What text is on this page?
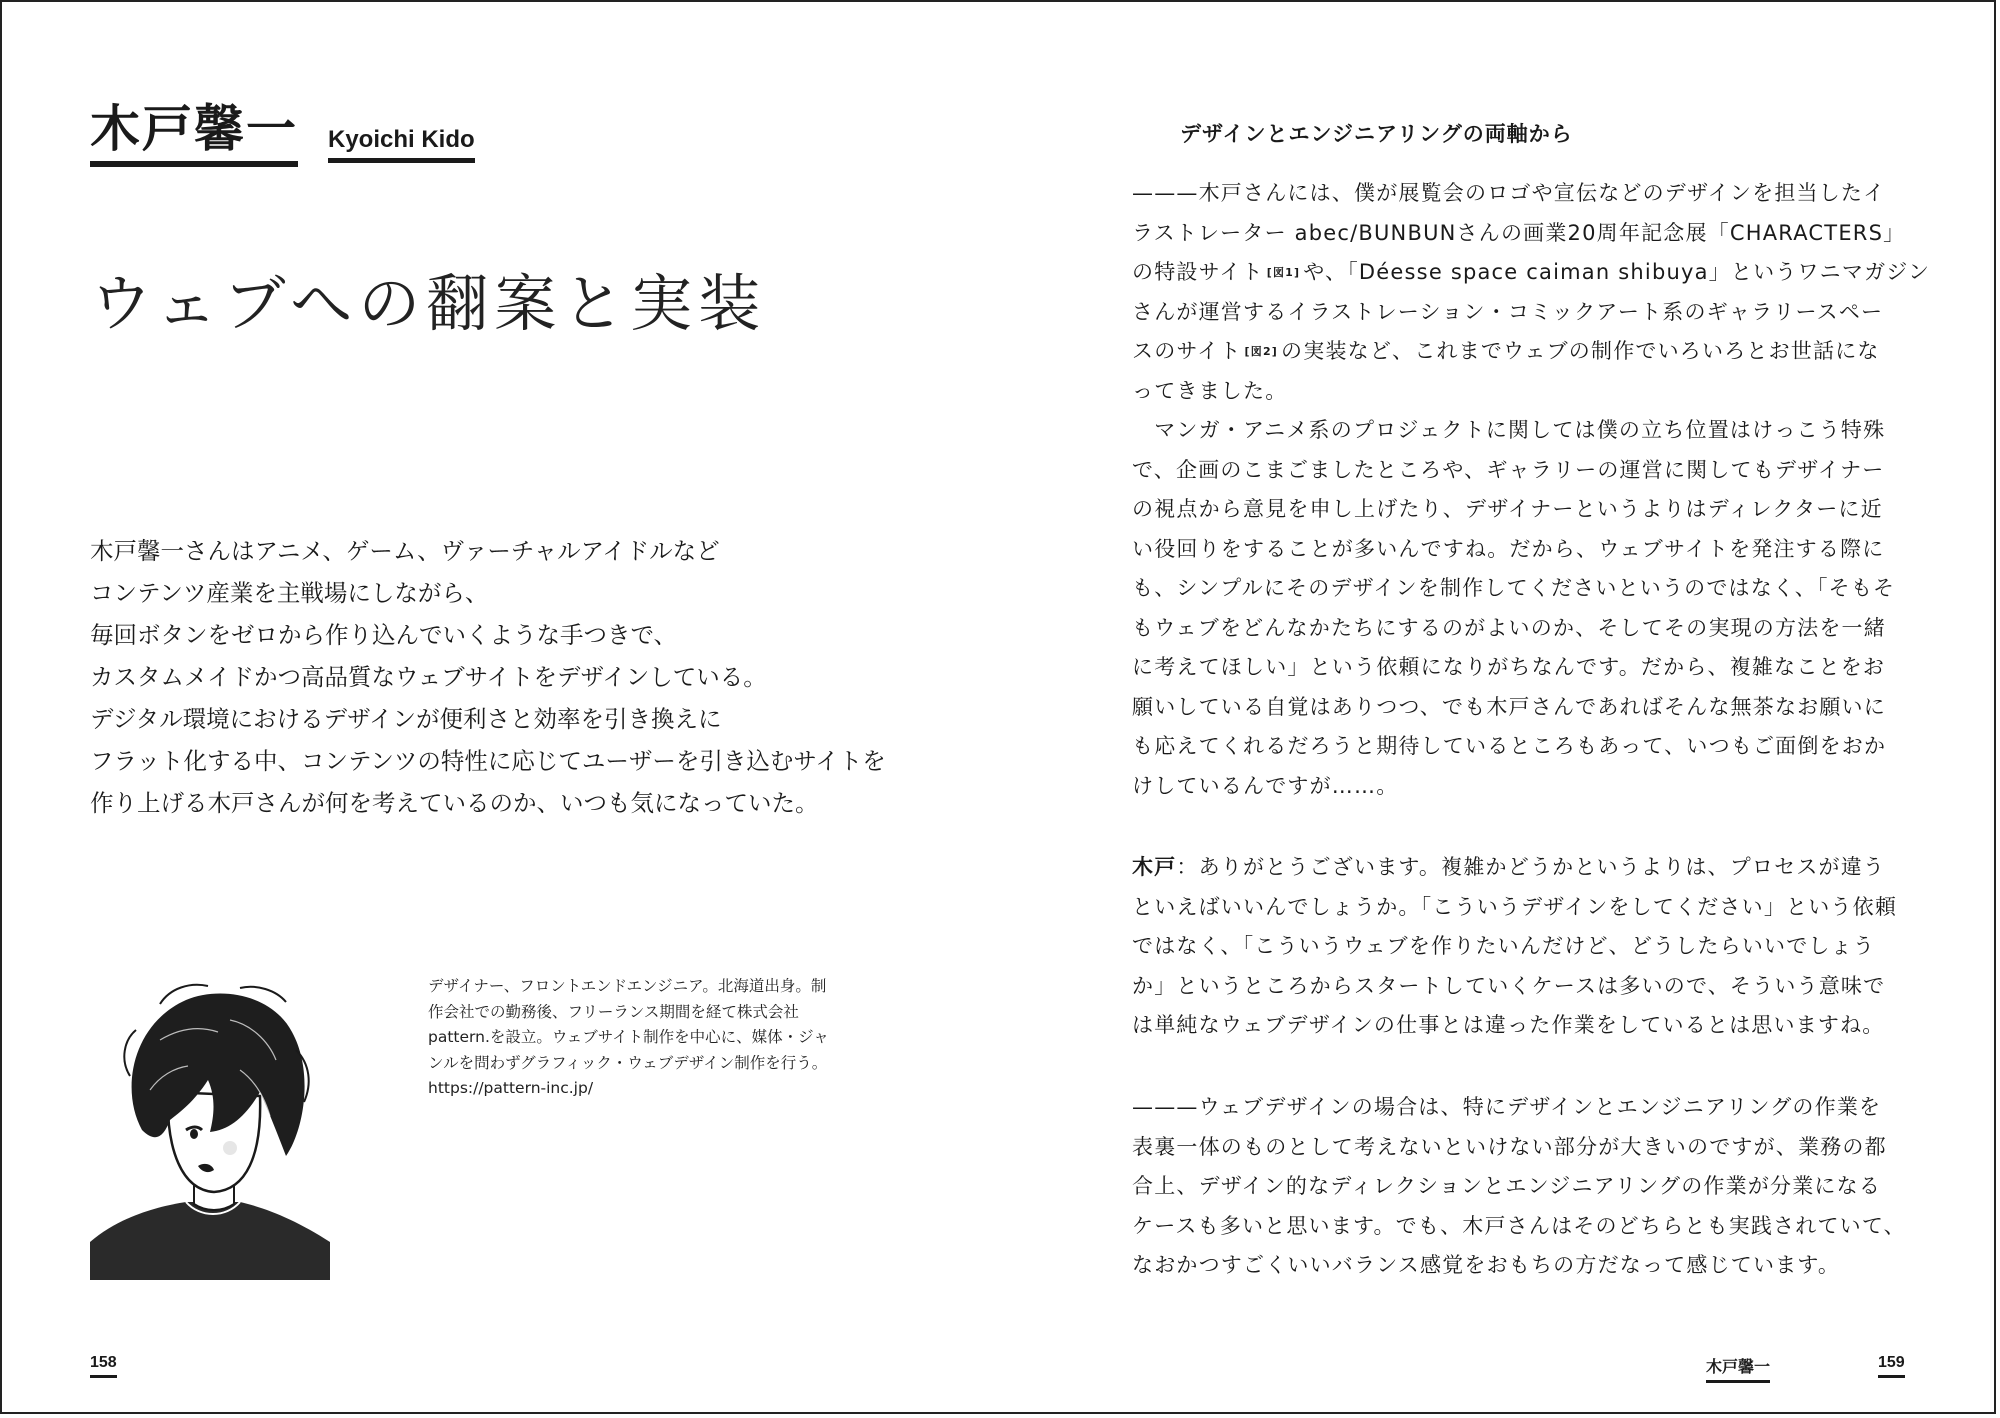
木戸馨一 Kyoichi Kido
ウェブへの翻案と実装
木戸馨一さんはアニメ、ゲーム、ヴァーチャルアイドルなど
コンテンツ産業を主戦場にしながら、
毎回ボタンをゼロから作り込んでいくような手つきで、
カスタムメイドかつ高品質なウェブサイトをデザインしている。
デジタル環境におけるデザインが便利さと効率を引き換えに
フラット化する中、コンテンツの特性に応じてユーザーを引き込むサイトを
作り上げる木戸さんが何を考えているのか、いつも気になっていた。
デザイナー、フロントエンドエンジニア。北海道出身。制
作会社での勤務後、フリーランス期間を経て株式会社
pattern.を設立。ウェブサイト制作を中心に、媒体・ジャ
ンルを問わずグラフィック・ウェブデザイン制作を行う。
https://pattern-inc.jp/
158
デザインとエンジニアリングの両軸から
———木戸さんには、僕が展覧会のロゴや宣伝などのデザインを担当したイ
ラストレーター abec/BUNBUNさんの画業20周年記念展「CHARACTERS」
の特設サイト [図1] や、「Déesse space caiman shibuya」というワニマガジン
さんが運営するイラストレーション・コミックアート系のギャラリースペー
スのサイト [図2] の実装など、これまでウェブの制作でいろいろとお世話にな
ってきました。
　マンガ・アニメ系のプロジェクトに関しては僕の立ち位置はけっこう特殊
で、企画のこまごましたところや、ギャラリーの運営に関してもデザイナー
の視点から意見を申し上げたり、デザイナーというよりはディレクターに近
い役回りをすることが多いんですね。だから、ウェブサイトを発注する際に
も、シンプルにそのデザインを制作してくださいというのではなく、「そもそ
もウェブをどんなかたちにするのがよいのか、そしてその実現の方法を一緒
に考えてほしい」という依頼になりがちなんです。だから、複雑なことをお
願いしている自覚はありつつ、でも木戸さんであればそんな無茶なお願いに
も応えてくれるだろうと期待しているところもあって、いつもご面倒をおか
けしているんですが……。
木戸：ありがとうございます。複雑かどうかというよりは、プロセスが違う
といえばいいんでしょうか。「こういうデザインをしてください」という依頼
ではなく、「こういうウェブを作りたいんだけど、どうしたらいいでしょう
か」というところからスタートしていくケースは多いので、そういう意味で
は単純なウェブデザインの仕事とは違った作業をしているとは思いますね。
———ウェブデザインの場合は、特にデザインとエンジニアリングの作業を
表裏一体のものとして考えないといけない部分が大きいのですが、業務の都
合上、デザイン的なディレクションとエンジニアリングの作業が分業になる
ケースも多いと思います。でも、木戸さんはそのどちらとも実践されていて、
なおかつすごくいいバランス感覚をおもちの方だなって感じています。
木戸馨一	159
